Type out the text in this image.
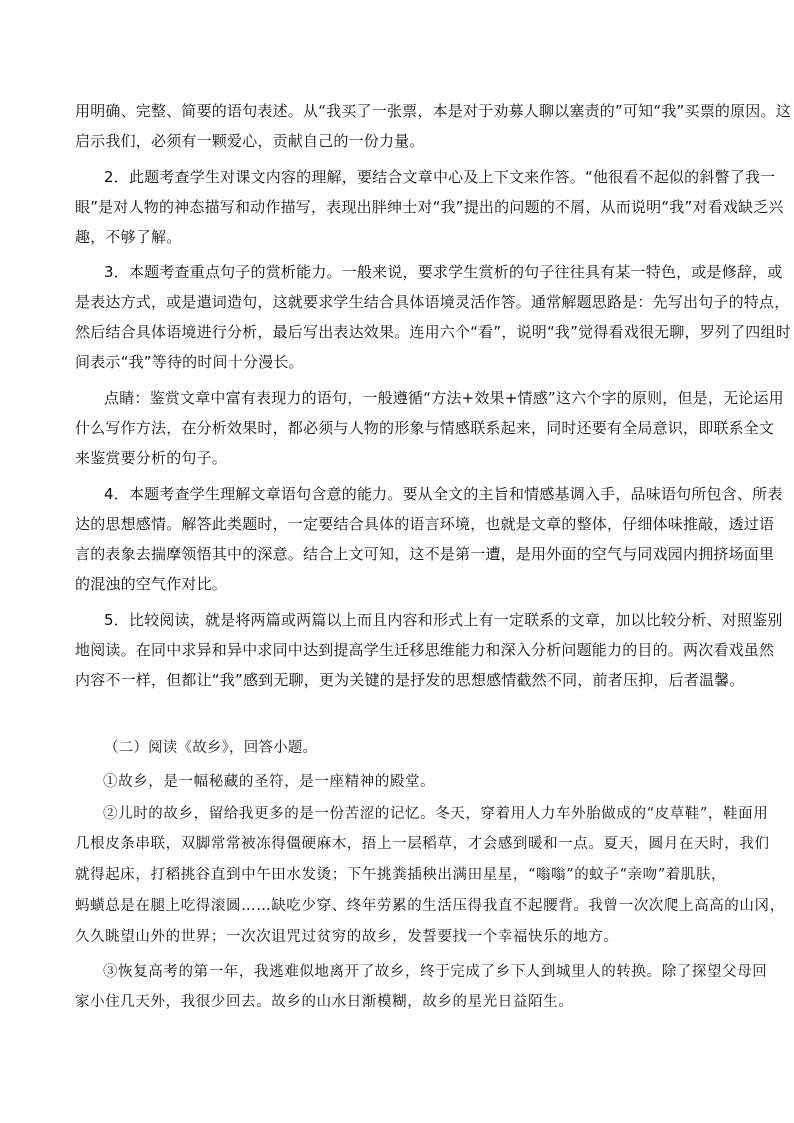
用明确、完整、简要的语句表述。从“我买了一张票，本是对于劝募人聊以塞责的”可知“我”买票的原因。这
启示我们，必须有一颗爱心，贡献自己的一份力量。
2．此题考查学生对课文内容的理解，要结合文章中心及上下文来作答。“他很看不起似的斜瞥了我一
眼”是对人物的神态描写和动作描写，表现出胖绅士对“我”提出的问题的不屑，从而说明“我”对看戏缺乏兴
趣，不够了解。
3．本题考查重点句子的赏析能力。一般来说，要求学生赏析的句子往往具有某一特色，或是修辞，或
是表达方式，或是遣词造句，这就要求学生结合具体语境灵活作答。通常解题思路是：先写出句子的特点，
然后结合具体语境进行分析，最后写出表达效果。连用六个“看”，说明“我”觉得看戏很无聊，罗列了四组时
间表示“我”等待的时间十分漫长。
点睛：鉴赏文章中富有表现力的语句，一般遵循“方法+效果+情感”这六个字的原则，但是，无论运用
什么写作方法，在分析效果时，都必须与人物的形象与情感联系起来，同时还要有全局意识，即联系全文
来鉴赏要分析的句子。
4．本题考查学生理解文章语句含意的能力。要从全文的主旨和情感基调入手，品味语句所包含、所表
达的思想感情。解答此类题时，一定要结合具体的语言环境，也就是文章的整体，仔细体味推敲，透过语
言的表象去揣摩领悟其中的深意。结合上文可知，这不是第一遭，是用外面的空气与同戏园内拥挤场面里
的混浊的空气作对比。
5．比较阅读，就是将两篇或两篇以上而且内容和形式上有一定联系的文章，加以比较分析、对照鉴别
地阅读。在同中求异和异中求同中达到提高学生迁移思维能力和深入分析问题能力的目的。两次看戏虽然
内容不一样，但都让“我”感到无聊，更为关键的是抒发的思想感情截然不同，前者压抑，后者温馨。
（二）阅读《故乡》，回答小题。
①故乡，是一幅秘藏的圣符，是一座精神的殿堂。
②儿时的故乡，留给我更多的是一份苦涩的记忆。冬天，穿着用人力车外胎做成的“皮草鞋”，鞋面用
几根皮条串联，双脚常常被冻得僵硬麻木，捂上一层稻草，才会感到暖和一点。夏天，圆月在天时，我们
就得起床，打稻挑谷直到中午田水发烫；下午挑粪插秧出满田星星，“嗡嗡”的蚊子“亲吻”着肌肤，
蚂蟥总是在腿上吃得滚圆……缺吃少穿、终年劳累的生活压得我直不起腰背。我曾一次次爬上高高的山冈，
久久眺望山外的世界；一次次诅咒过贫穷的故乡，发誓要找一个幸福快乐的地方。
③恢复高考的第一年，我逃难似地离开了故乡，终于完成了乡下人到城里人的转换。除了探望父母回
家小住几天外，我很少回去。故乡的山水日渐模糊，故乡的星光日益陌生。
